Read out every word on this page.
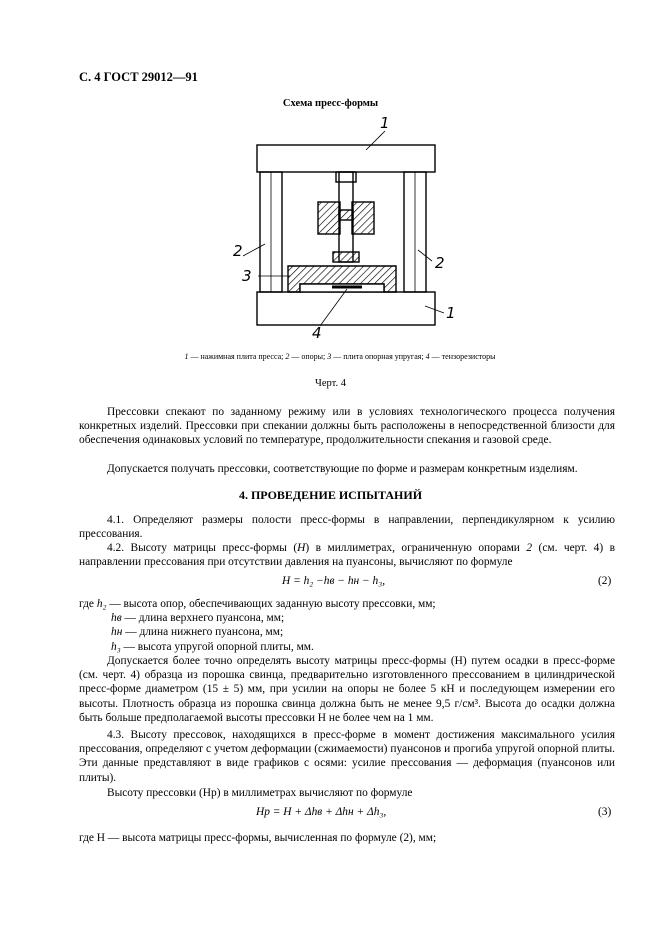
С. 4 ГОСТ 29012—91
Схема пресс-формы
1
2
3
2
1
4
1 — нажимная плита пресса; 2 — опоры; 3 — плита опорная упругая; 4 — тензорезисторы
Черт. 4
Прессовки спекают по заданному режиму или в условиях технологического процесса получения конкретных изделий. Прессовки при спекании должны быть расположены в непосредственной близости для обеспечения одинаковых условий по температуре, продолжительности спекания и газовой среде.
Допускается получать прессовки, соответствующие по форме и размерам конкретным изделиям.
4. ПРОВЕДЕНИЕ ИСПЫТАНИЙ
4.1. Определяют размеры полости пресс-формы в направлении, перпендикулярном к усилию прессования.
4.2. Высоту матрицы пресс-формы (H) в миллиметрах, ограниченную опорами 2 (см. черт. 4) в направлении прессования при отсутствии давления на пуансоны, вычисляют по формуле
H = h₂ −hв − hн − h₃,	(2)
где h₂ — высота опор, обеспечивающих заданную высоту прессовки, мм;
hв — длина верхнего пуансона, мм;
hн — длина нижнего пуансона, мм;
h₃ — высота упругой опорной плиты, мм.
Допускается более точно определять высоту матрицы пресс-формы (H) путем осадки в пресс-форме (см. черт. 4) образца из порошка свинца, предварительно изготовленного прессованием в цилиндрической пресс-форме диаметром (15 ± 5) мм, при усилии на опоры не более 5 кН и последующем измерении его высоты. Плотность образца из порошка свинца должна быть не менее 9,5 г/см³. Высота до осадки должна быть больше предполагаемой высоты прессовки H не более чем на 1 мм.
4.3. Высоту прессовок, находящихся в пресс-форме в момент достижения максимального усилия прессования, определяют с учетом деформации (сжимаемости) пуансонов и прогиба упругой опорной плиты. Эти данные представляют в виде графиков с осями: усилие прессования — деформация (пуансонов или плиты).
Высоту прессовки (Hр) в миллиметрах вычисляют по формуле
Hр = H + Δhв + Δhн + Δh₃,	(3)
где H — высота матрицы пресс-формы, вычисленная по формуле (2), мм;
